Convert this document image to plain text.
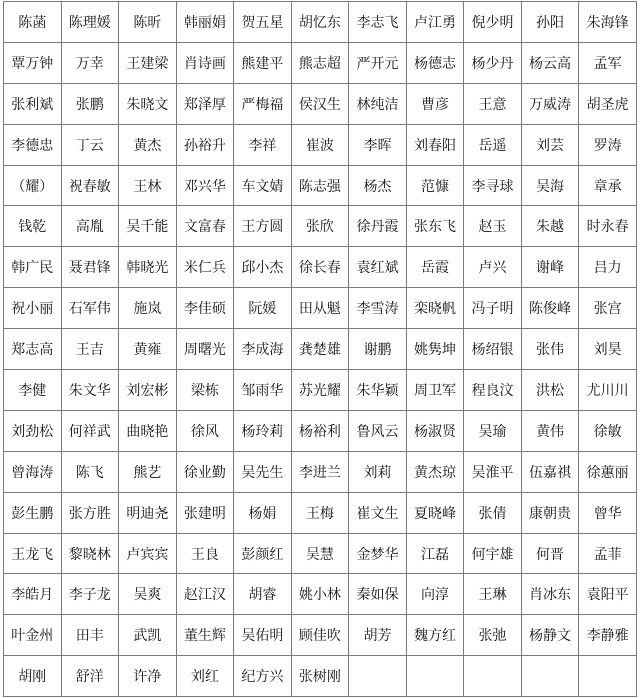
陈菡	陈理媛	陈昕	韩丽娟	贺五星	胡忆东	李志飞	卢江勇	倪少明	孙阳	朱海锋
覃万钟	万幸	王建梁	肖诗画	熊建平	熊志超	严开元	杨德志	杨少丹	杨云高	孟军
张利斌	张鹏	朱晓文	郑泽厚	严梅福	侯汉生	林纯洁	曹彦	王意	万威涛	胡圣虎
李德忠	丁云	黄杰	孙裕升	李祥	崔波	李晖	刘春阳	岳遥	刘芸	罗涛
（耀）	祝春敏	王林	邓兴华	车文婧	陈志强	杨杰	范慷	李寻球	吴海	章承
钱乾	高胤	吴千能	文富春	王方圆	张欣	徐丹霞	张东飞	赵玉	朱越	时永春
韩广民	聂君锋	韩晓光	米仁兵	邱小杰	徐长春	袁红斌	岳霞	卢兴	谢峰	吕力
祝小丽	石军伟	施岚	李佳硕	阮媛	田从魁	李雪涛	栾晓帆	冯子明	陈俊峰	张宫
郑志高	王吉	黄雍	周曙光	李成海	龚楚雄	谢鹏	姚隽坤	杨绍银	张伟	刘昊
李健	朱文华	刘宏彬	梁栋	邹雨华	苏光耀	朱华颖	周卫军	程良汶	洪松	尤川川
刘劲松	何祥武	曲晓艳	徐风	杨玲莉	杨裕利	鲁风云	杨淑贤	吴瑜	黄伟	徐敏
曾海涛	陈飞	熊艺	徐业勤	吴先生	李进兰	刘莉	黄杰琼	吴淮平	伍嘉祺	徐蕙丽
彭生鹏	张方胜	明迪尧	张建明	杨娟	王梅	崔文生	夏晓峰	张倩	康朝贵	曾华
王龙飞	黎晓林	卢宾宾	王良	彭颜红	吴慧	金梦华	江磊	何宇雄	何晋	孟菲
李皓月	李子龙	吴爽	赵江汉	胡睿	姚小林	秦如保	向淳	王琳	肖冰东	袁阳平
叶金州	田丰	武凯	董生辉	吴佑明	顾佳吹	胡芳	魏方红	张弛	杨静文	李静雅
胡刚	舒洋	许净	刘红	纪方兴	张树刚					
